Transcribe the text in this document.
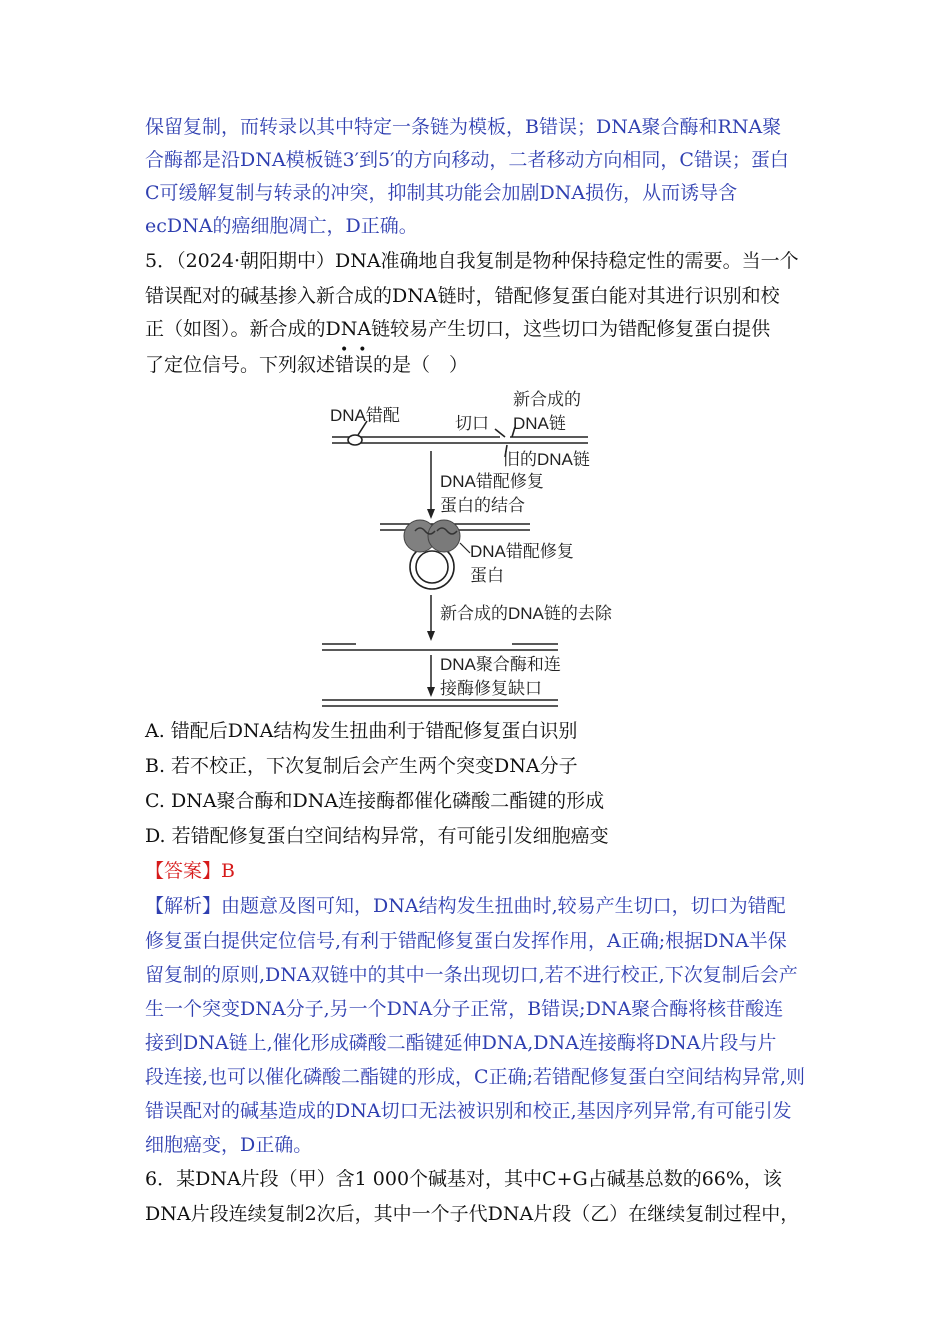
保留复制，而转录以其中特定一条链为模板，B错误；DNA聚合酶和RNA聚
合酶都是沿DNA模板链3′到5′的方向移动，二者移动方向相同，C错误；蛋白
C可缓解复制与转录的冲突，抑制其功能会加剧DNA损伤，从而诱导含
ecDNA的癌细胞凋亡，D正确。
5．（2024·朝阳期中）DNA准确地自我复制是物种保持稳定性的需要。当一个
错误配对的碱基掺入新合成的DNA链时，错配修复蛋白能对其进行识别和校
正（如图）。新合成的DNA链较易产生切口，这些切口为错配修复蛋白提供
••
了定位信号。下列叙述错误的是（　）
DNA错配	切口
新合成的
DNA链
旧的DNA链
DNA错配修复
蛋白的结合
DNA错配修复
蛋白
新合成的DNA链的去除
DNA聚合酶和连
接酶修复缺口
A. 错配后DNA结构发生扭曲利于错配修复蛋白识别
B. 若不校正，下次复制后会产生两个突变DNA分子
C. DNA聚合酶和DNA连接酶都催化磷酸二酯键的形成
D. 若错配修复蛋白空间结构异常，有可能引发细胞癌变
【答案】B
【解析】由题意及图可知，DNA结构发生扭曲时,较易产生切口，切口为错配
修复蛋白提供定位信号,有利于错配修复蛋白发挥作用，A正确;根据DNA半保
留复制的原则,DNA双链中的其中一条出现切口,若不进行校正,下次复制后会产
生一个突变DNA分子,另一个DNA分子正常，B错误;DNA聚合酶将核苷酸连
接到DNA链上,催化形成磷酸二酯键延伸DNA,DNA连接酶将DNA片段与片
段连接,也可以催化磷酸二酯键的形成，C正确;若错配修复蛋白空间结构异常,则
错误配对的碱基造成的DNA切口无法被识别和校正,基因序列异常,有可能引发
细胞癌变，D正确。
6．某DNA片段（甲）含1 000个碱基对，其中C+G占碱基总数的66%，该
DNA片段连续复制2次后，其中一个子代DNA片段（乙）在继续复制过程中，
